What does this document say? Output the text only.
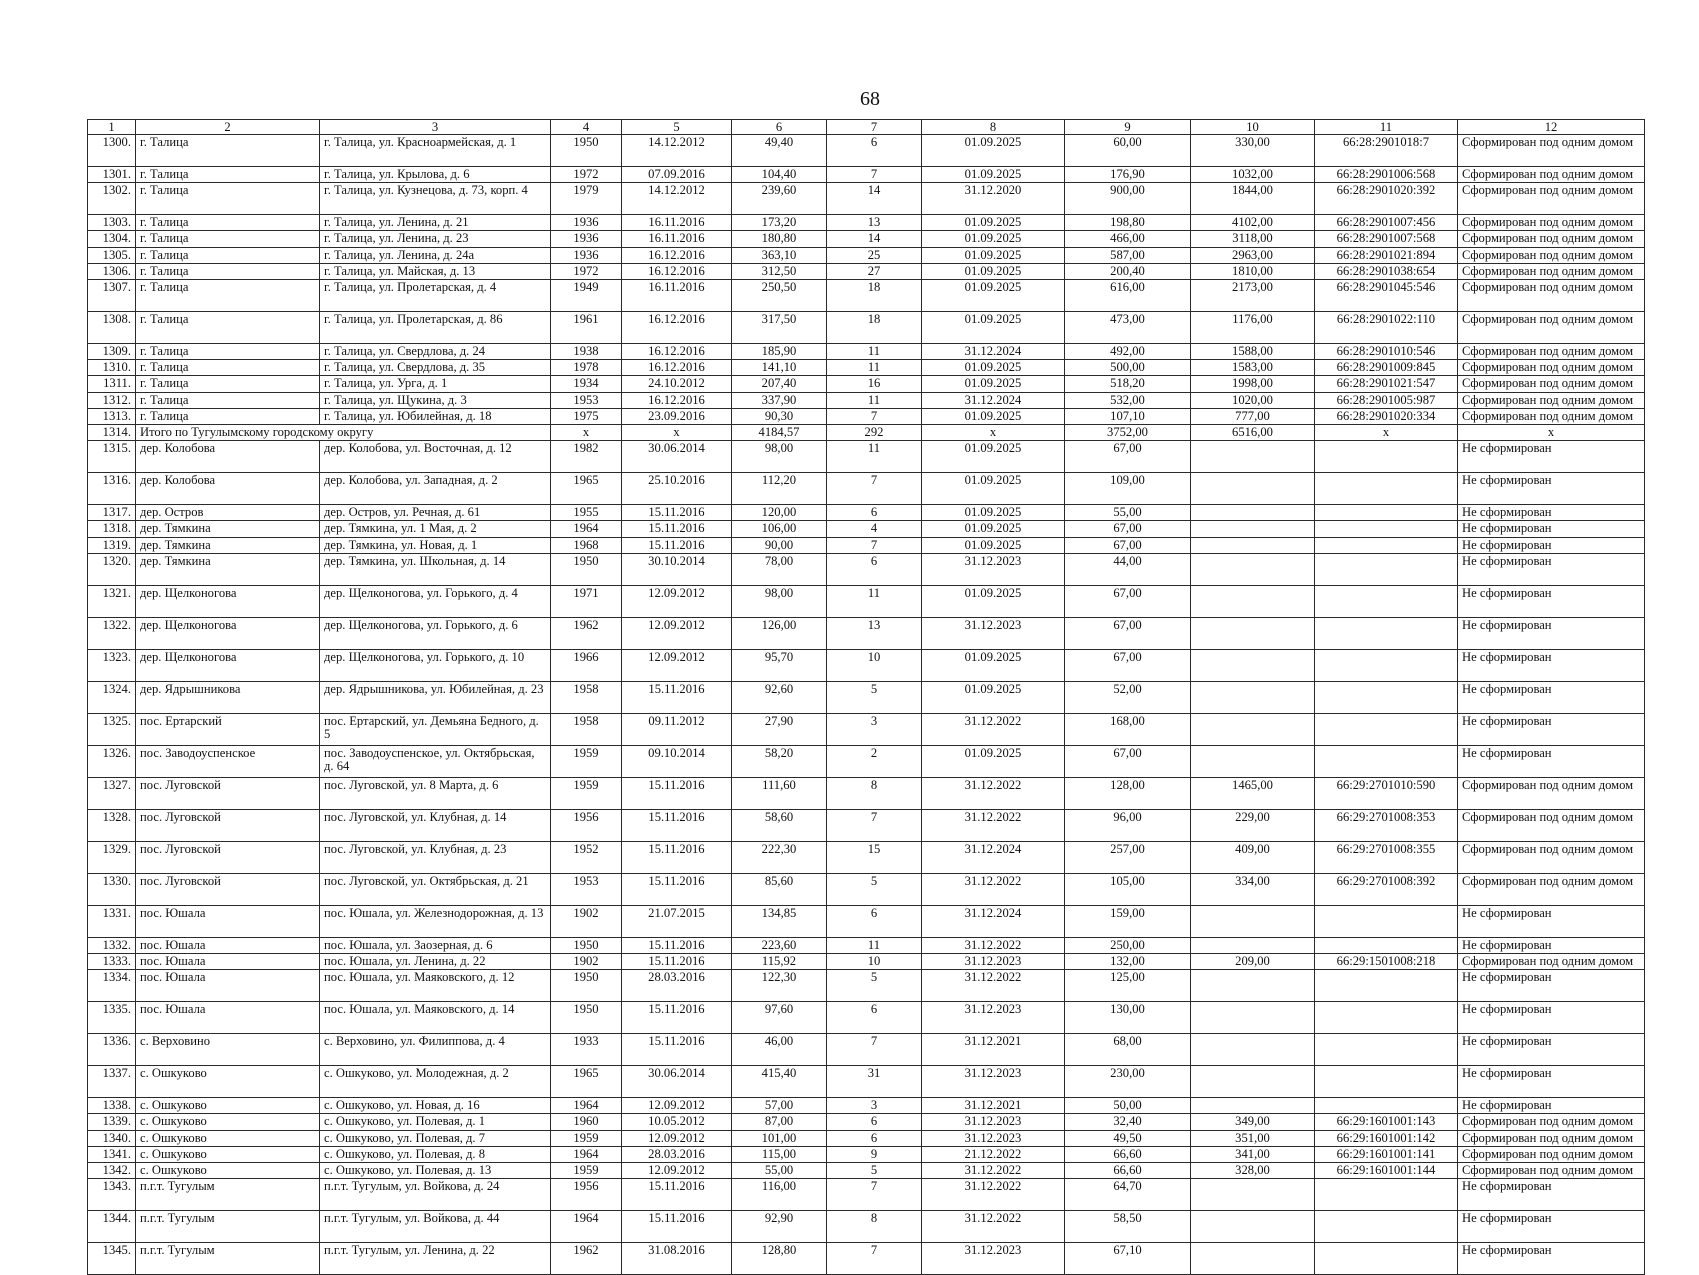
68
1	2	3	4	5	6	7	8	9	10	11	12
1300.	г. Талица	г. Талица, ул. Красноармейская, д. 1	1950	14.12.2012	49,40	6	01.09.2025	60,00	330,00	66:28:2901018:7	Сформирован под одним домом
1301.	г. Талица	г. Талица, ул. Крылова, д. 6	1972	07.09.2016	104,40	7	01.09.2025	176,90	1032,00	66:28:2901006:568	Сформирован под одним домом
1302.	г. Талица	г. Талица, ул. Кузнецова, д. 73, корп. 4	1979	14.12.2012	239,60	14	31.12.2020	900,00	1844,00	66:28:2901020:392	Сформирован под одним домом
1303.	г. Талица	г. Талица, ул. Ленина, д. 21	1936	16.11.2016	173,20	13	01.09.2025	198,80	4102,00	66:28:2901007:456	Сформирован под одним домом
1304.	г. Талица	г. Талица, ул. Ленина, д. 23	1936	16.11.2016	180,80	14	01.09.2025	466,00	3118,00	66:28:2901007:568	Сформирован под одним домом
1305.	г. Талица	г. Талица, ул. Ленина, д. 24а	1936	16.12.2016	363,10	25	01.09.2025	587,00	2963,00	66:28:2901021:894	Сформирован под одним домом
1306.	г. Талица	г. Талица, ул. Майская, д. 13	1972	16.12.2016	312,50	27	01.09.2025	200,40	1810,00	66:28:2901038:654	Сформирован под одним домом
1307.	г. Талица	г. Талица, ул. Пролетарская, д. 4	1949	16.11.2016	250,50	18	01.09.2025	616,00	2173,00	66:28:2901045:546	Сформирован под одним домом
1308.	г. Талица	г. Талица, ул. Пролетарская, д. 86	1961	16.12.2016	317,50	18	01.09.2025	473,00	1176,00	66:28:2901022:110	Сформирован под одним домом
1309.	г. Талица	г. Талица, ул. Свердлова, д. 24	1938	16.12.2016	185,90	11	31.12.2024	492,00	1588,00	66:28:2901010:546	Сформирован под одним домом
1310.	г. Талица	г. Талица, ул. Свердлова, д. 35	1978	16.12.2016	141,10	11	01.09.2025	500,00	1583,00	66:28:2901009:845	Сформирован под одним домом
1311.	г. Талица	г. Талица, ул. Урга, д. 1	1934	24.10.2012	207,40	16	01.09.2025	518,20	1998,00	66:28:2901021:547	Сформирован под одним домом
1312.	г. Талица	г. Талица, ул. Щукина, д. 3	1953	16.12.2016	337,90	11	31.12.2024	532,00	1020,00	66:28:2901005:987	Сформирован под одним домом
1313.	г. Талица	г. Талица, ул. Юбилейная, д. 18	1975	23.09.2016	90,30	7	01.09.2025	107,10	777,00	66:28:2901020:334	Сформирован под одним домом
1314.	Итого по Тугулымскому городскому округу		x	x	4184,57	292	x	3752,00	6516,00	x	x
1315.	дер. Колобова	дер. Колобова, ул. Восточная, д. 12	1982	30.06.2014	98,00	11	01.09.2025	67,00			Не сформирован
1316.	дер. Колобова	дер. Колобова, ул. Западная, д. 2	1965	25.10.2016	112,20	7	01.09.2025	109,00			Не сформирован
1317.	дер. Остров	дер. Остров, ул. Речная, д. 61	1955	15.11.2016	120,00	6	01.09.2025	55,00			Не сформирован
1318.	дер. Тямкина	дер. Тямкина, ул. 1 Мая, д. 2	1964	15.11.2016	106,00	4	01.09.2025	67,00			Не сформирован
1319.	дер. Тямкина	дер. Тямкина, ул. Новая, д. 1	1968	15.11.2016	90,00	7	01.09.2025	67,00			Не сформирован
1320.	дер. Тямкина	дер. Тямкина, ул. Школьная, д. 14	1950	30.10.2014	78,00	6	31.12.2023	44,00			Не сформирован
1321.	дер. Щелконогова	дер. Щелконогова, ул. Горького, д. 4	1971	12.09.2012	98,00	11	01.09.2025	67,00			Не сформирован
1322.	дер. Щелконогова	дер. Щелконогова, ул. Горького, д. 6	1962	12.09.2012	126,00	13	31.12.2023	67,00			Не сформирован
1323.	дер. Щелконогова	дер. Щелконогова, ул. Горького, д. 10	1966	12.09.2012	95,70	10	01.09.2025	67,00			Не сформирован
1324.	дер. Ядрышникова	дер. Ядрышникова, ул. Юбилейная, д. 23	1958	15.11.2016	92,60	5	01.09.2025	52,00			Не сформирован
1325.	пос. Ертарский	пос. Ертарский, ул. Демьяна Бедного, д. 5	1958	09.11.2012	27,90	3	31.12.2022	168,00			Не сформирован
1326.	пос. Заводоуспенское	пос. Заводоуспенское, ул. Октябрьская, д. 64	1959	09.10.2014	58,20	2	01.09.2025	67,00			Не сформирован
1327.	пос. Луговской	пос. Луговской, ул. 8 Марта, д. 6	1959	15.11.2016	111,60	8	31.12.2022	128,00	1465,00	66:29:2701010:590	Сформирован под одним домом
1328.	пос. Луговской	пос. Луговской, ул. Клубная, д. 14	1956	15.11.2016	58,60	7	31.12.2022	96,00	229,00	66:29:2701008:353	Сформирован под одним домом
1329.	пос. Луговской	пос. Луговской, ул. Клубная, д. 23	1952	15.11.2016	222,30	15	31.12.2024	257,00	409,00	66:29:2701008:355	Сформирован под одним домом
1330.	пос. Луговской	пос. Луговской, ул. Октябрьская, д. 21	1953	15.11.2016	85,60	5	31.12.2022	105,00	334,00	66:29:2701008:392	Сформирован под одним домом
1331.	пос. Юшала	пос. Юшала, ул. Железнодорожная, д. 13	1902	21.07.2015	134,85	6	31.12.2024	159,00			Не сформирован
1332.	пос. Юшала	пос. Юшала, ул. Заозерная, д. 6	1950	15.11.2016	223,60	11	31.12.2022	250,00			Не сформирован
1333.	пос. Юшала	пос. Юшала, ул. Ленина, д. 22	1902	15.11.2016	115,92	10	31.12.2023	132,00	209,00	66:29:1501008:218	Сформирован под одним домом
1334.	пос. Юшала	пос. Юшала, ул. Маяковского, д. 12	1950	28.03.2016	122,30	5	31.12.2022	125,00			Не сформирован
1335.	пос. Юшала	пос. Юшала, ул. Маяковского, д. 14	1950	15.11.2016	97,60	6	31.12.2023	130,00			Не сформирован
1336.	с. Верховино	с. Верховино, ул. Филиппова, д. 4	1933	15.11.2016	46,00	7	31.12.2021	68,00			Не сформирован
1337.	с. Ошкуково	с. Ошкуково, ул. Молодежная, д. 2	1965	30.06.2014	415,40	31	31.12.2023	230,00			Не сформирован
1338.	с. Ошкуково	с. Ошкуково, ул. Новая, д. 16	1964	12.09.2012	57,00	3	31.12.2021	50,00			Не сформирован
1339.	с. Ошкуково	с. Ошкуково, ул. Полевая, д. 1	1960	10.05.2012	87,00	6	31.12.2023	32,40	349,00	66:29:1601001:143	Сформирован под одним домом
1340.	с. Ошкуково	с. Ошкуково, ул. Полевая, д. 7	1959	12.09.2012	101,00	6	31.12.2023	49,50	351,00	66:29:1601001:142	Сформирован под одним домом
1341.	с. Ошкуково	с. Ошкуково, ул. Полевая, д. 8	1964	28.03.2016	115,00	9	21.12.2022	66,60	341,00	66:29:1601001:141	Сформирован под одним домом
1342.	с. Ошкуково	с. Ошкуково, ул. Полевая, д. 13	1959	12.09.2012	55,00	5	31.12.2022	66,60	328,00	66:29:1601001:144	Сформирован под одним домом
1343.	п.г.т. Тугулым	п.г.т. Тугулым, ул. Войкова, д. 24	1956	15.11.2016	116,00	7	31.12.2022	64,70			Не сформирован
1344.	п.г.т. Тугулым	п.г.т. Тугулым, ул. Войкова, д. 44	1964	15.11.2016	92,90	8	31.12.2022	58,50			Не сформирован
1345.	п.г.т. Тугулым	п.г.т. Тугулым, ул. Ленина, д. 22	1962	31.08.2016	128,80	7	31.12.2023	67,10			Не сформирован
